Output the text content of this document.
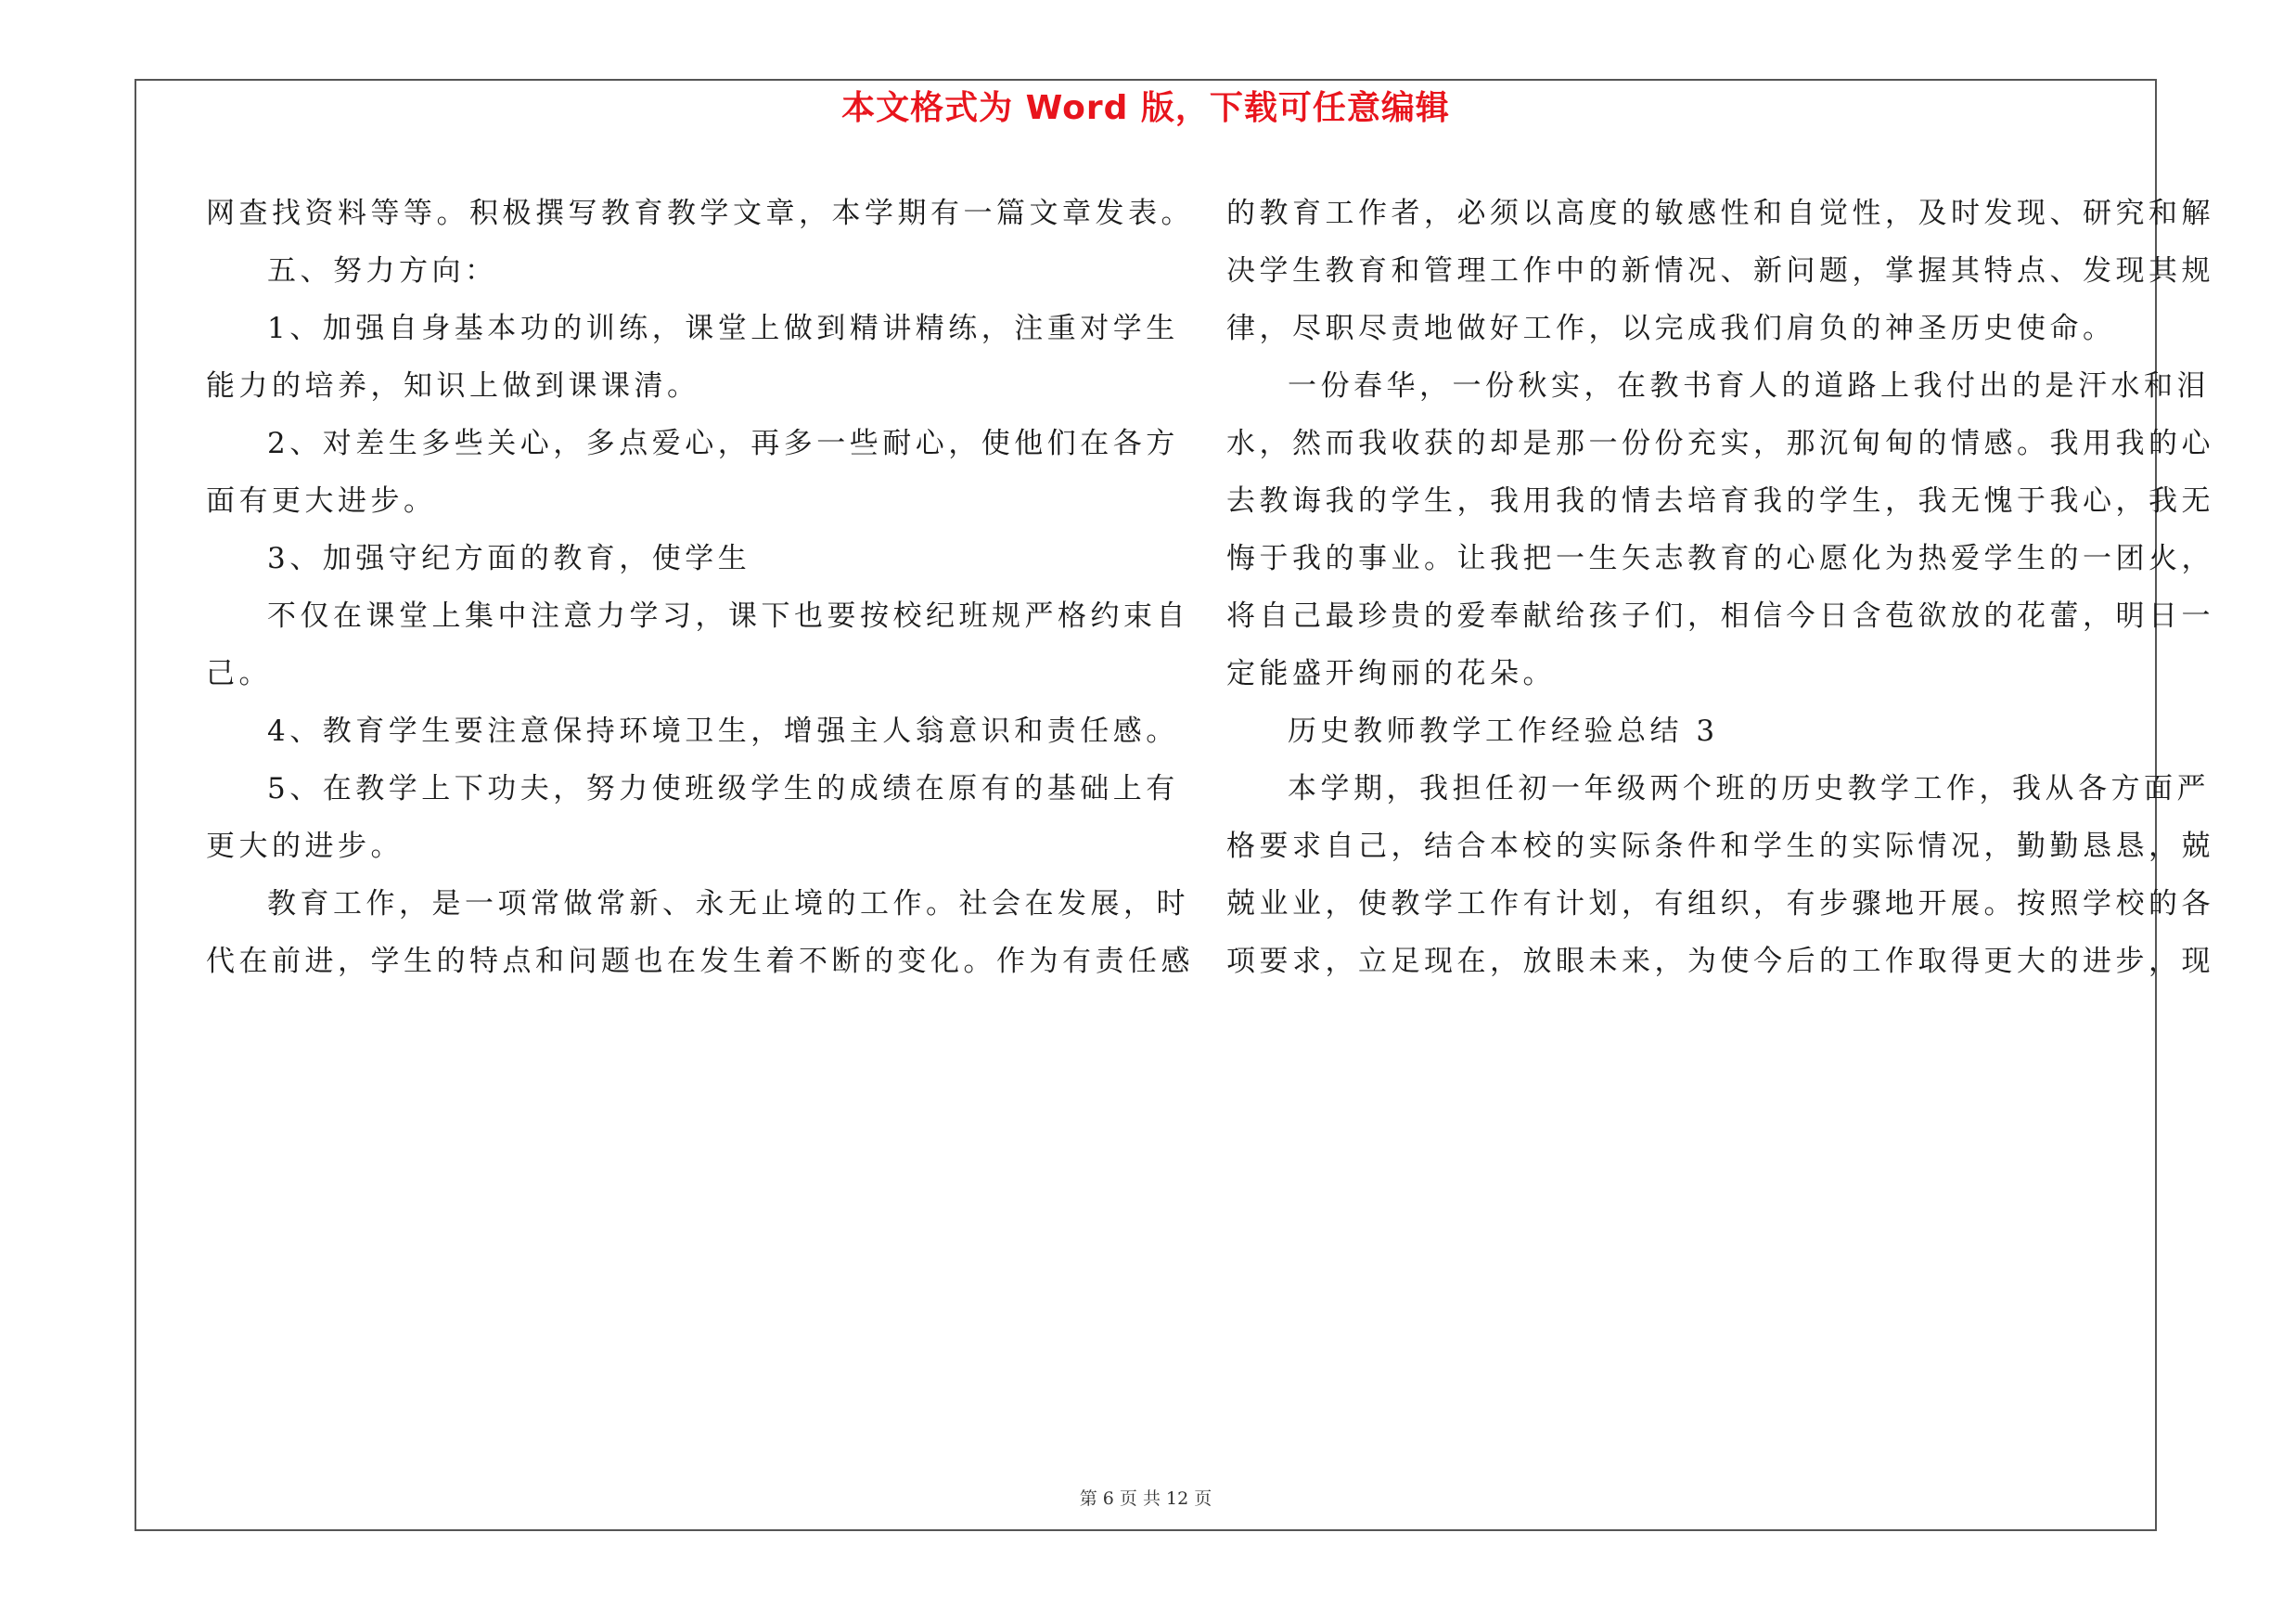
本文格式为 Word 版，下载可任意编辑
网查找资料等等。积极撰写教育教学文章，本学期有一篇文章发表。
五、努力方向：
1、加强自身基本功的训练，课堂上做到精讲精练，注重对学生
能力的培养，知识上做到课课清。
2、对差生多些关心，多点爱心，再多一些耐心，使他们在各方
面有更大进步。
3、加强守纪方面的教育，使学生
不仅在课堂上集中注意力学习，课下也要按校纪班规严格约束自
己。
4、教育学生要注意保持环境卫生，增强主人翁意识和责任感。
5、在教学上下功夫，努力使班级学生的成绩在原有的基础上有
更大的进步。
教育工作，是一项常做常新、永无止境的工作。社会在发展，时
代在前进，学生的特点和问题也在发生着不断的变化。作为有责任感
的教育工作者，必须以高度的敏感性和自觉性，及时发现、研究和解
决学生教育和管理工作中的新情况、新问题，掌握其特点、发现其规
律，尽职尽责地做好工作，以完成我们肩负的神圣历史使命。
一份春华，一份秋实，在教书育人的道路上我付出的是汗水和泪
水，然而我收获的却是那一份份充实，那沉甸甸的情感。我用我的心
去教诲我的学生，我用我的情去培育我的学生，我无愧于我心，我无
悔于我的事业。让我把一生矢志教育的心愿化为热爱学生的一团火，
将自己最珍贵的爱奉献给孩子们，相信今日含苞欲放的花蕾，明日一
定能盛开绚丽的花朵。
历史教师教学工作经验总结 3
本学期，我担任初一年级两个班的历史教学工作，我从各方面严
格要求自己，结合本校的实际条件和学生的实际情况，勤勤恳恳，兢
兢业业，使教学工作有计划，有组织，有步骤地开展。按照学校的各
项要求，立足现在，放眼未来，为使今后的工作取得更大的进步，现
第 6 页 共 12 页
